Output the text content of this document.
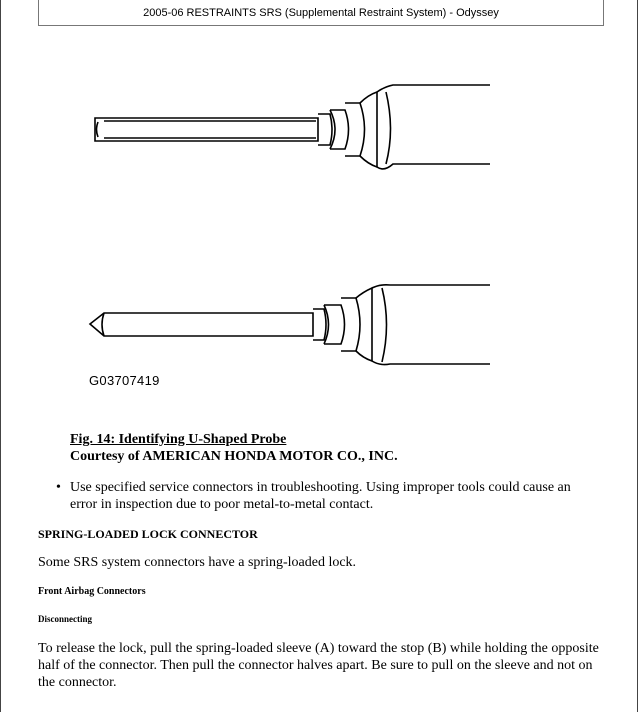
2005-06 RESTRAINTS SRS (Supplemental Restraint System) - Odyssey
G03707419
Fig. 14: Identifying U-Shaped Probe
Courtesy of AMERICAN HONDA MOTOR CO., INC.
• Use specified service connectors in troubleshooting. Using improper tools could cause an error in inspection due to poor metal-to-metal contact.
SPRING-LOADED LOCK CONNECTOR
Some SRS system connectors have a spring-loaded lock.
Front Airbag Connectors
Disconnecting
To release the lock, pull the spring-loaded sleeve (A) toward the stop (B) while holding the opposite half of the connector. Then pull the connector halves apart. Be sure to pull on the sleeve and not on the connector.
